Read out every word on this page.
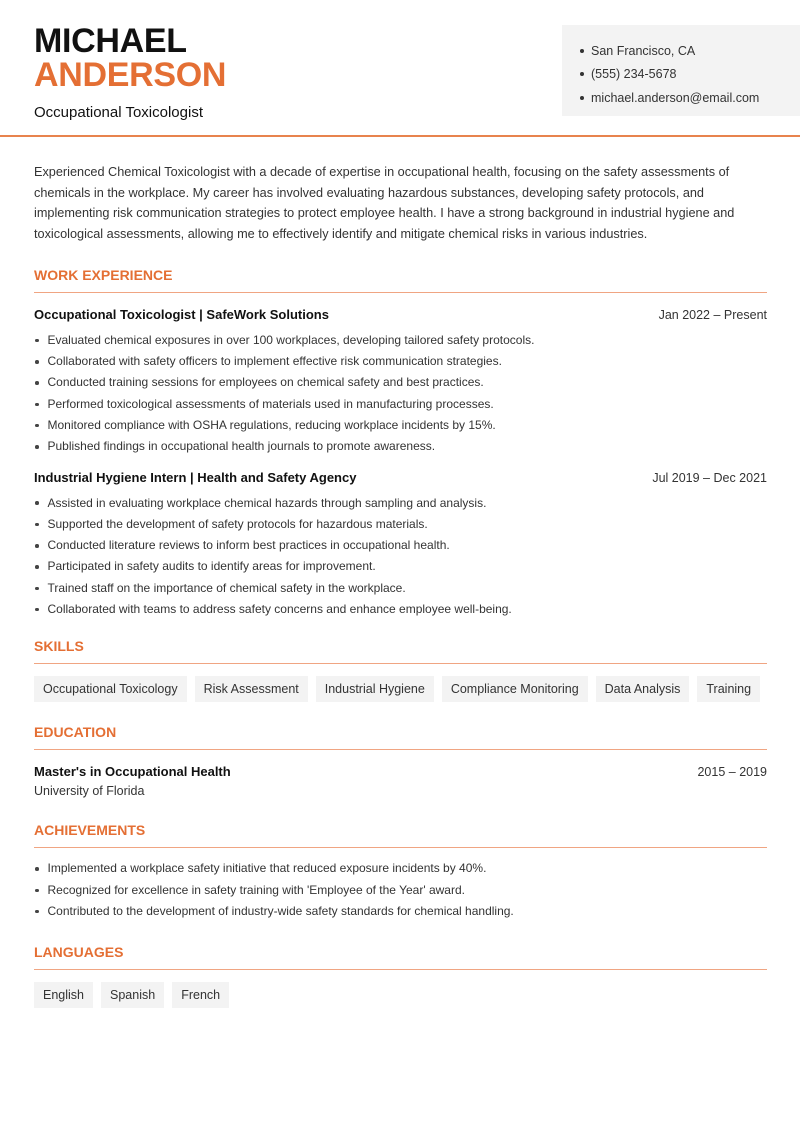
MICHAEL
ANDERSON
Occupational Toxicologist
San Francisco, CA
(555) 234-5678
michael.anderson@email.com

Experienced Chemical Toxicologist with a decade of expertise in occupational health, focusing on the safety assessments of chemicals in the workplace. My career has involved evaluating hazardous substances, developing safety protocols, and implementing risk communication strategies to protect employee health. I have a strong background in industrial hygiene and toxicological assessments, allowing me to effectively identify and mitigate chemical risks in various industries.

WORK EXPERIENCE
Occupational Toxicologist | SafeWork Solutions	Jan 2022 – Present
Evaluated chemical exposures in over 100 workplaces, developing tailored safety protocols.
Collaborated with safety officers to implement effective risk communication strategies.
Conducted training sessions for employees on chemical safety and best practices.
Performed toxicological assessments of materials used in manufacturing processes.
Monitored compliance with OSHA regulations, reducing workplace incidents by 15%.
Published findings in occupational health journals to promote awareness.
Industrial Hygiene Intern | Health and Safety Agency	Jul 2019 – Dec 2021
Assisted in evaluating workplace chemical hazards through sampling and analysis.
Supported the development of safety protocols for hazardous materials.
Conducted literature reviews to inform best practices in occupational health.
Participated in safety audits to identify areas for improvement.
Trained staff on the importance of chemical safety in the workplace.
Collaborated with teams to address safety concerns and enhance employee well-being.
SKILLS
Occupational Toxicology	Risk Assessment	Industrial Hygiene	Compliance Monitoring	Data Analysis	Training
EDUCATION
Master's in Occupational Health	2015 – 2019
University of Florida
ACHIEVEMENTS
Implemented a workplace safety initiative that reduced exposure incidents by 40%.
Recognized for excellence in safety training with 'Employee of the Year' award.
Contributed to the development of industry-wide safety standards for chemical handling.
LANGUAGES
English	Spanish	French
